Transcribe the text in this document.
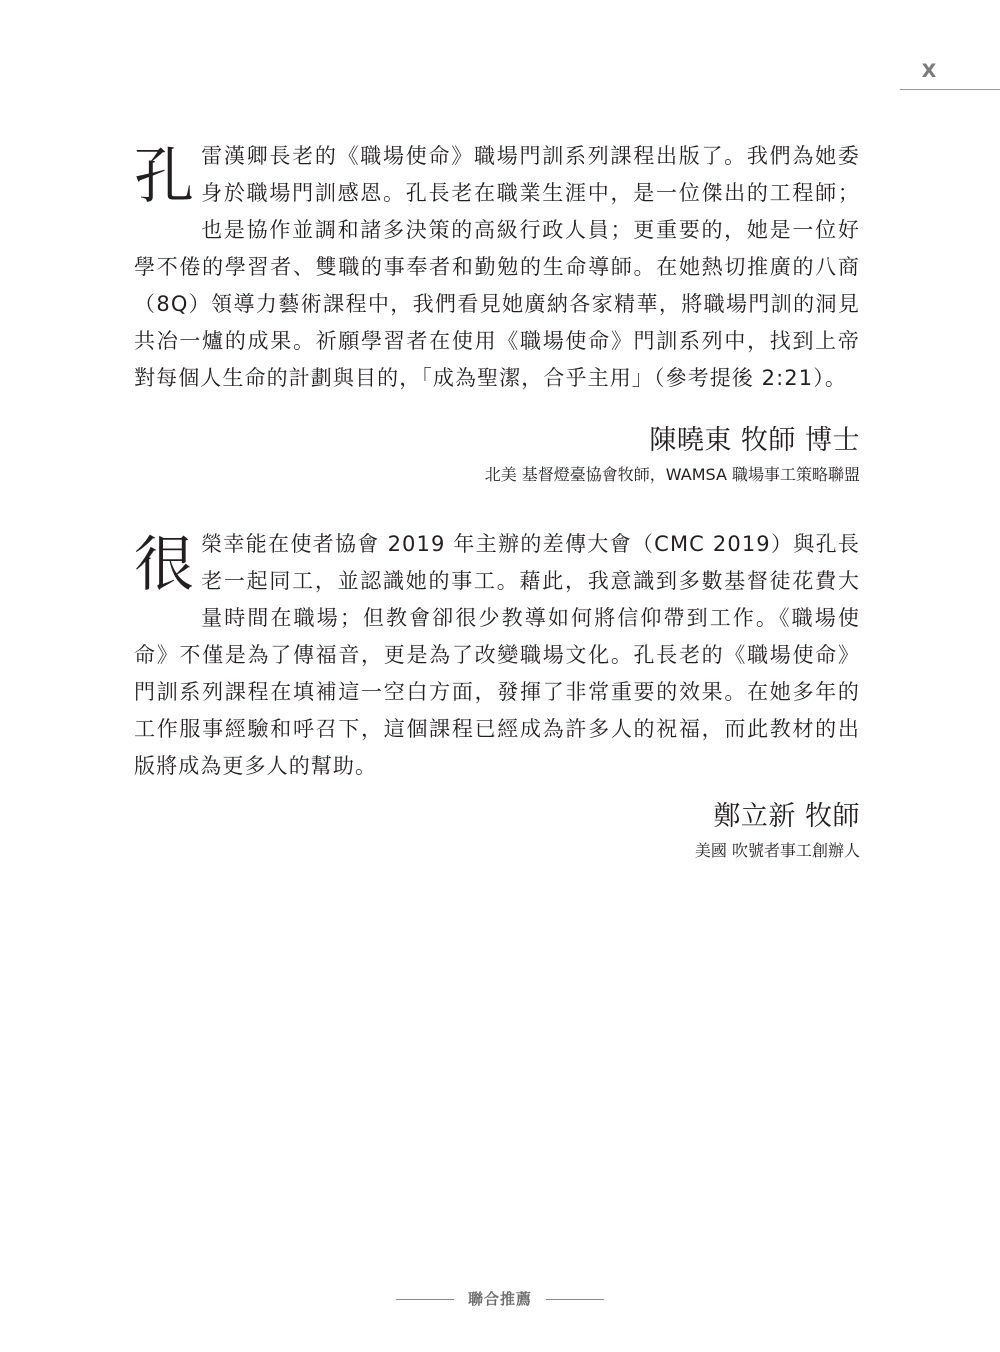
X

孔雷漢卿長老的《職場使命》職場門訓系列課程出版了。我們為她委身於職場門訓感恩。孔長老在職業生涯中，是一位傑出的工程師；也是協作並調和諸多決策的高級行政人員；更重要的，她是一位好學不倦的學習者、雙職的事奉者和勤勉的生命導師。在她熱切推廣的八商（8Q）領導力藝術課程中，我們看見她廣納各家精華，將職場門訓的洞見共冶一爐的成果。祈願學習者在使用《職場使命》門訓系列中，找到上帝對每個人生命的計劃與目的，「成為聖潔，合乎主用」（參考提後 2:21）。

陳曉東 牧師 博士
北美 基督燈臺協會牧師，WAMSA 職場事工策略聯盟

很榮幸能在使者協會 2019 年主辦的差傳大會（CMC 2019）與孔長老一起同工，並認識她的事工。藉此，我意識到多數基督徒花費大量時間在職場；但教會卻很少教導如何將信仰帶到工作。《職場使命》不僅是為了傳福音，更是為了改變職場文化。孔長老的《職場使命》門訓系列課程在填補這一空白方面，發揮了非常重要的效果。在她多年的工作服事經驗和呼召下，這個課程已經成為許多人的祝福，而此教材的出版將成為更多人的幫助。

鄭立新 牧師
美國 吹號者事工創辦人
聯合推薦
